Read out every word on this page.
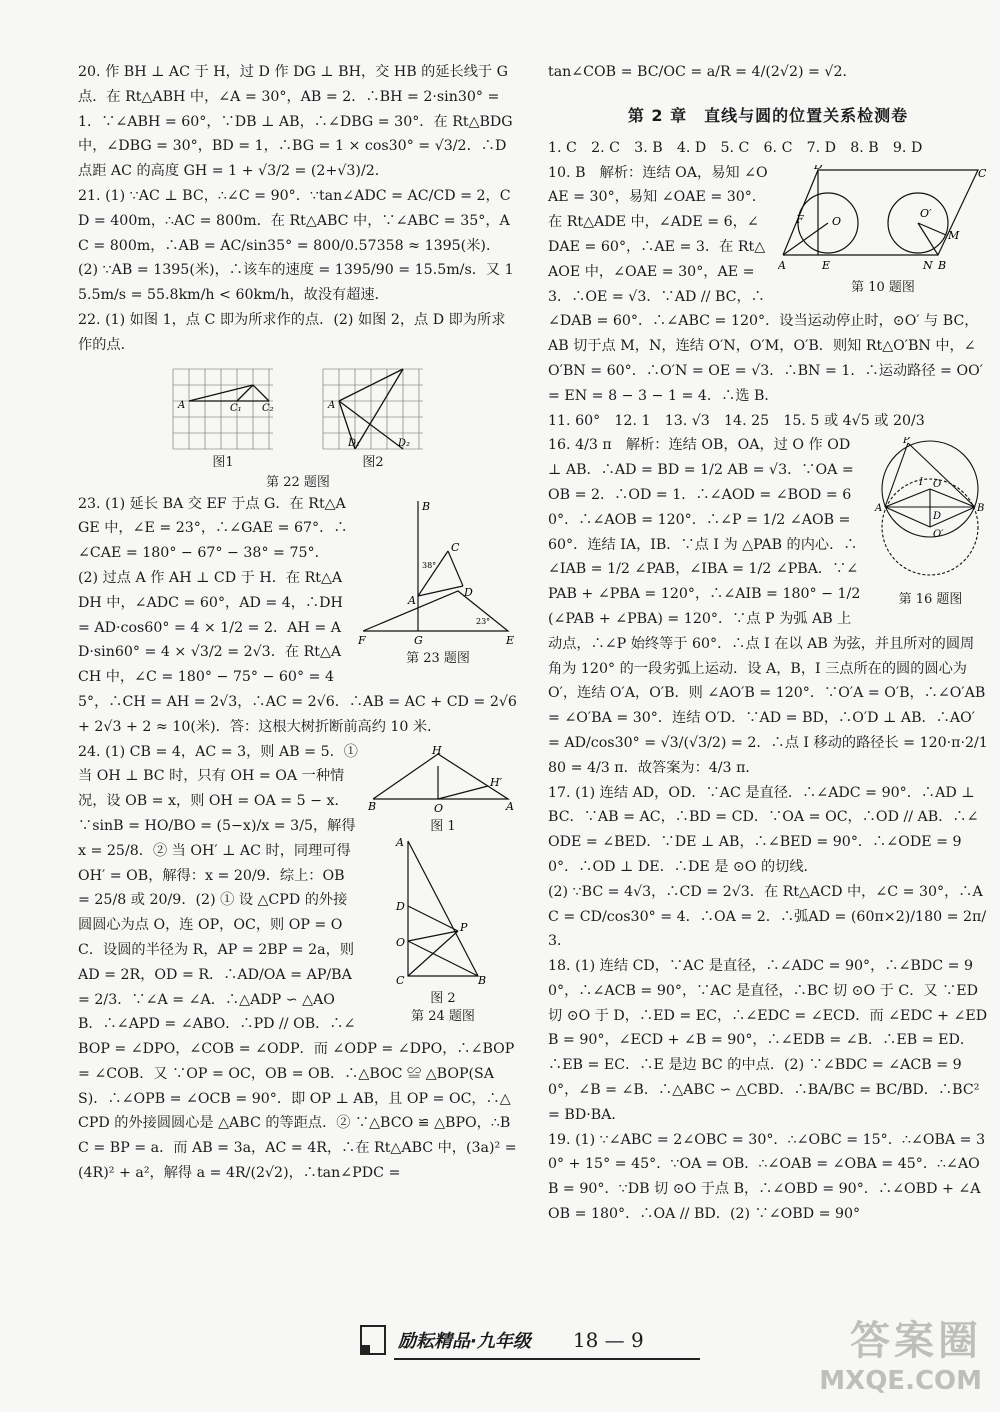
20. 作 BH ⊥ AC 于 H，过 D 作 DG ⊥ BH，交 HB 的延长线于 G 点．在 Rt△ABH 中，∠A = 30°，AB = 2．∴BH = 2·sin30° = 1．∵∠ABH = 60°，∵DB ⊥ AB，∴∠DBG = 30°．在 Rt△BDG 中，∠DBG = 30°，BD = 1，∴BG = 1 × cos30° = √3/2．∴D 点距 AC 的高度 GH = 1 + √3/2 = (2+√3)/2．

21. (1) ∵AC ⊥ BC，∴∠C = 90°．∵tan∠ADC = AC/CD = 2，CD = 400m，∴AC = 800m．在 Rt△ABC 中，∵∠ABC = 35°，AC = 800m，∴AB = AC/sin35° = 800/0.57358 ≈ 1395(米)．
(2) ∵AB = 1395(米)，∴该车的速度 = 1395/90 = 15.5m/s．又 15.5m/s = 55.8km/h < 60km/h，故没有超速．

22. (1) 如图 1，点 C 即为所求作的点．(2) 如图 2，点 D 即为所求作的点．

A	C₁ C₂
图1
A
D₁	D₂
图2
第 22 题图
B
C
A
D
F	G	E
38°
23°
第 23 题图

23. (1) 延长 BA 交 EF 于点 G．在 Rt△AGE 中，∠E = 23°，∴∠GAE = 67°．∴∠CAE = 180° − 67° − 38° = 75°．(2) 过点 A 作 AH ⊥ CD 于 H．在 Rt△ADH 中，∠ADC = 60°，AD = 4，∴DH = AD·cos60° = 4 × 1/2 = 2．AH = AD·sin60° = 4 × √3/2 = 2√3．在 Rt△ACH 中，∠C = 180° − 75° − 60° = 45°，∴CH = AH = 2√3，∴AC = 2√6．∴AB = AC + CD = 2√6 + 2√3 + 2 ≈ 10(米)．答：这根大树折断前高约 10 米．

B
H
H′
O	A
图 1
A
D
O
P
C	B
图 2
第 24 题图

24. (1) CB = 4，AC = 3，则 AB = 5．① 当 OH ⊥ BC 时，只有 OH = OA 一种情况，设 OB = x，则 OH = OA = 5 − x．∵sinB = HO/BO = (5−x)/x = 3/5，解得 x = 25/8．② 当 OH′ ⊥ AC 时，同理可得 OH′ = OB，解得：x = 20/9．综上：OB = 25/8 或 20/9．(2) ① 设 △CPD 的外接圆圆心为点 O，连 OP，OC，则 OP = OC．设圆的半径为 R，AP = 2BP = 2a，则 AD = 2R，OD = R．∴AD/OA = AP/BA = 2/3．∵∠A = ∠A．∴△ADP ∽ △AOB．∴∠APD = ∠ABO．∴PD // OB．∴∠BOP = ∠DPO，∠COB = ∠ODP．而 ∠ODP = ∠DPO，∴∠BOP = ∠COB．又 ∵OP = OC，OB = OB．∴△BOC ≌ △BOP(SAS)．∴∠OPB = ∠OCB = 90°．即 OP ⊥ AB，且 OP = OC，∴△CPD 的外接圆圆心是 △ABC 的等距点．② ∵△BCO ≌ △BPO，∴BC = BP = a．而 AB = 3a，AC = 4R，∴在 Rt△ABC 中，(3a)² = (4R)² + a²，解得 a = 4R/(2√2)，∴tan∠PDC =

tan∠COB = BC/OC = a/R = 4/(2√2) = √2．

第 2 章　直线与圆的位置关系检测卷

1. C　2. C　3. B　4. D　5. C　6. C　7. D　8. B　9. D

A
D
C
B
E	N
O
O′
M
F
第 10 题图

10. B　解析：连结 OA，易知 ∠OAE = 30°，易知 ∠OAE = 30°．在 Rt△ADE 中，∠ADE = 6，∠DAE = 60°，∴AE = 3．在 Rt△AOE 中，∠OAE = 30°，AE = 3．∴OE = √3．∵AD // BC，∴∠DAB = 60°．∴∠ABC = 120°．设当运动停止时，⊙O′ 与 BC，AB 切于点 M，N，连结 O′N，O′M，O′B．则知 Rt△O′BN 中，∠O′BN = 60°．∴O′N = OE = √3．∴BN = 1．∴运动路径 = OO′ = EN = 8 − 3 − 1 = 4．∴选 B．

11. 60°　12. 1　13. √3　14. 25　15. 5 或 4√5 或 20/3

P
A	B
O
D
I
O′
第 16 题图

16. 4/3 π　解析：连结 OB，OA，过 O 作 OD ⊥ AB．∴AD = BD = 1/2 AB = √3．∵OA = OB = 2．∴OD = 1．∴∠AOD = ∠BOD = 60°．∴∠AOB = 120°．∴∠P = 1/2 ∠AOB = 60°．连结 IA，IB．∵点 I 为 △PAB 的内心．∴∠IAB = 1/2 ∠PAB，∠IBA = 1/2 ∠PBA．∵∠PAB + ∠PBA = 120°，∴∠AIB = 180° − 1/2(∠PAB + ∠PBA) = 120°．∵点 P 为弧 AB 上动点，∴∠P 始终等于 60°．∴点 I 在以 AB 为弦，并且所对的圆周角为 120° 的一段劣弧上运动．设 A，B，I 三点所在的圆的圆心为 O′，连结 O′A，O′B．则 ∠AO′B = 120°．∵O′A = O′B，∴∠O′AB = ∠O′BA = 30°．连结 O′D．∵AD = BD，∴O′D ⊥ AB．∴AO′ = AD/cos30° = √3/(√3/2) = 2．∴点 I 移动的路径长 = 120·π·2/180 = 4/3 π．故答案为：4/3 π．

17. (1) 连结 AD，OD．∵AC 是直径．∴∠ADC = 90°．∴AD ⊥ BC．∵AB = AC，∴BD = CD．∵OA = OC，∴OD // AB．∴∠ODE = ∠BED．∵DE ⊥ AB，∴∠BED = 90°．∴∠ODE = 90°．∴OD ⊥ DE．∴DE 是 ⊙O 的切线．
(2) ∵BC = 4√3，∴CD = 2√3．在 Rt△ACD 中，∠C = 30°，∴AC = CD/cos30° = 4．∴OA = 2．∴弧AD = (60π×2)/180 = 2π/3．

18. (1) 连结 CD，∵AC 是直径，∴∠ADC = 90°，∴∠BDC = 90°，∴∠ACB = 90°，∵AC 是直径，∴BC 切 ⊙O 于 C．又 ∵ED 切 ⊙O 于 D，∴ED = EC，∴∠EDC = ∠ECD．而 ∠EDC + ∠EDB = 90°，∠ECD + ∠B = 90°，∴∠EDB = ∠B．∴EB = ED．∴EB = EC．∴E 是边 BC 的中点．(2) ∵∠BDC = ∠ACB = 90°，∠B = ∠B．∴△ABC ∽ △CBD．∴BA/BC = BC/BD．∴BC² = BD·BA．

19. (1) ∵∠ABC = 2∠OBC = 30°．∴∠OBC = 15°．∴∠OBA = 30° + 15° = 45°．∵OA = OB．∴∠OAB = ∠OBA = 45°．∴∠AOB = 90°．∵DB 切 ⊙O 于点 B，∴∠OBD = 90°．∴∠OBD + ∠AOB = 180°．∴OA // BD．(2) ∵∠OBD = 90°

励耘精品·九年级 18 — 9	答案圈
MXQE.COM
